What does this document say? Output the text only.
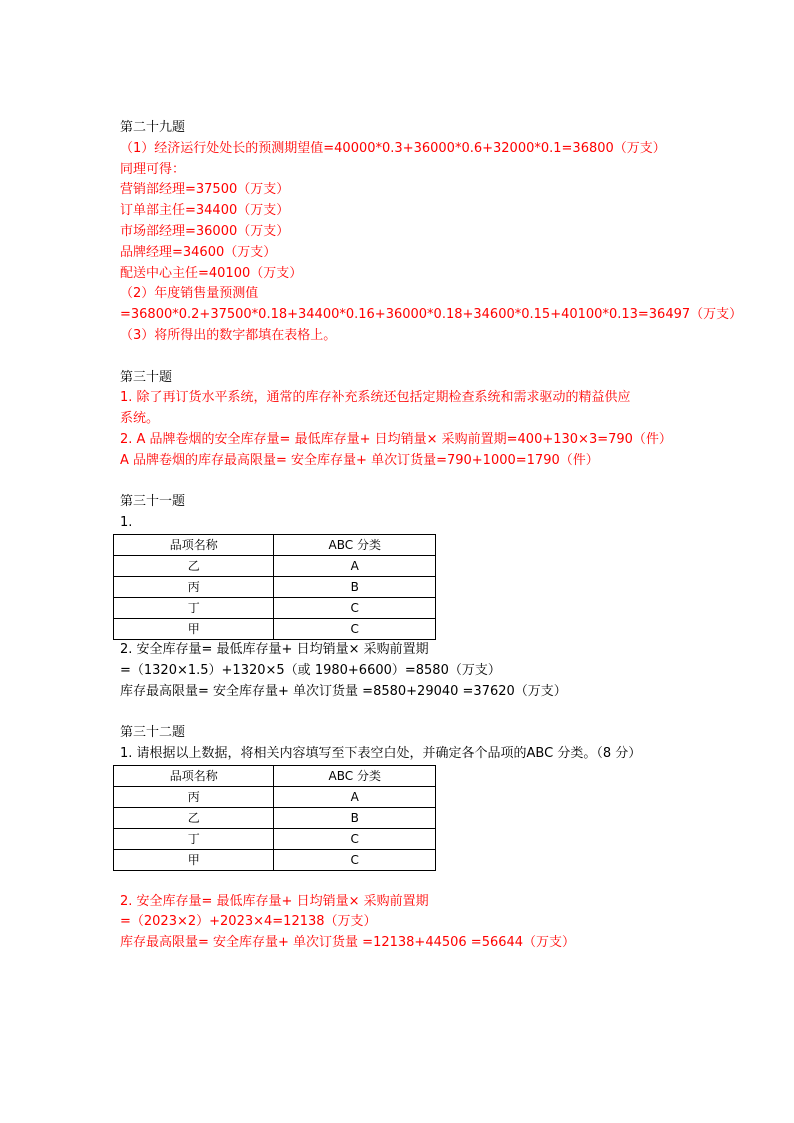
第二十九题
（1）经济运行处处长的预测期望值=40000*0.3+36000*0.6+32000*0.1=36800（万支）
同理可得：
营销部经理=37500（万支）
订单部主任=34400（万支）
市场部经理=36000（万支）
品牌经理=34600（万支）
配送中心主任=40100（万支）
（2）年度销售量预测值
=36800*0.2+37500*0.18+34400*0.16+36000*0.18+34600*0.15+40100*0.13=36497（万支）
（3）将所得出的数字都填在表格上。
第三十题
1. 除了再订货水平系统，通常的库存补充系统还包括定期检查系统和需求驱动的精益供应
系统。
2. A 品牌卷烟的安全库存量= 最低库存量+ 日均销量× 采购前置期=400+130×3=790（件）
A 品牌卷烟的库存最高限量= 安全库存量+ 单次订货量=790+1000=1790（件）
第三十一题
1.
品项名称	ABC 分类
乙	A
丙	B
丁	C
甲	C
2. 安全库存量= 最低库存量+ 日均销量× 采购前置期
=（1320×1.5）+1320×5（或 1980+6600）=8580（万支）
库存最高限量= 安全库存量+ 单次订货量 =8580+29040 =37620（万支）
第三十二题
1. 请根据以上数据，将相关内容填写至下表空白处，并确定各个品项的ABC 分类。（8 分）
品项名称	ABC 分类
丙	A
乙	B
丁	C
甲	C
2. 安全库存量= 最低库存量+ 日均销量× 采购前置期
=（2023×2）+2023×4=12138（万支）
库存最高限量= 安全库存量+ 单次订货量 =12138+44506 =56644（万支）
